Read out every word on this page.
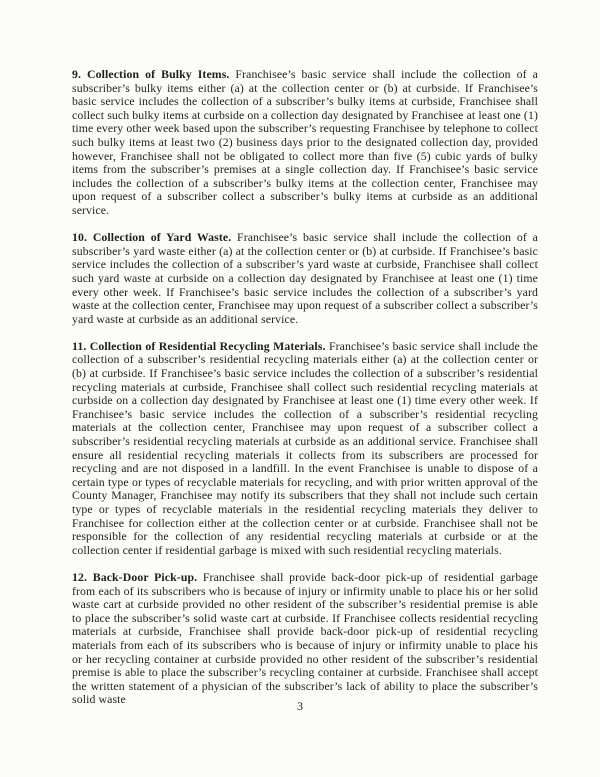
9. Collection of Bulky Items. Franchisee’s basic service shall include the collection of a subscriber’s bulky items either (a) at the collection center or (b) at curbside. If Franchisee’s basic service includes the collection of a subscriber’s bulky items at curbside, Franchisee shall collect such bulky items at curbside on a collection day designated by Franchisee at least one (1) time every other week based upon the subscriber’s requesting Franchisee by telephone to collect such bulky items at least two (2) business days prior to the designated collection day, provided however, Franchisee shall not be obligated to collect more than five (5) cubic yards of bulky items from the subscriber’s premises at a single collection day. If Franchisee’s basic service includes the collection of a subscriber’s bulky items at the collection center, Franchisee may upon request of a subscriber collect a subscriber’s bulky items at curbside as an additional service.

10. Collection of Yard Waste. Franchisee’s basic service shall include the collection of a subscriber’s yard waste either (a) at the collection center or (b) at curbside. If Franchisee’s basic service includes the collection of a subscriber’s yard waste at curbside, Franchisee shall collect such yard waste at curbside on a collection day designated by Franchisee at least one (1) time every other week. If Franchisee’s basic service includes the collection of a subscriber’s yard waste at the collection center, Franchisee may upon request of a subscriber collect a subscriber’s yard waste at curbside as an additional service.

11. Collection of Residential Recycling Materials. Franchisee’s basic service shall include the collection of a subscriber’s residential recycling materials either (a) at the collection center or (b) at curbside. If Franchisee’s basic service includes the collection of a subscriber’s residential recycling materials at curbside, Franchisee shall collect such residential recycling materials at curbside on a collection day designated by Franchisee at least one (1) time every other week. If Franchisee’s basic service includes the collection of a subscriber’s residential recycling materials at the collection center, Franchisee may upon request of a subscriber collect a subscriber’s residential recycling materials at curbside as an additional service. Franchisee shall ensure all residential recycling materials it collects from its subscribers are processed for recycling and are not disposed in a landfill. In the event Franchisee is unable to dispose of a certain type or types of recyclable materials for recycling, and with prior written approval of the County Manager, Franchisee may notify its subscribers that they shall not include such certain type or types of recyclable materials in the residential recycling materials they deliver to Franchisee for collection either at the collection center or at curbside. Franchisee shall not be responsible for the collection of any residential recycling materials at curbside or at the collection center if residential garbage is mixed with such residential recycling materials.

12. Back-Door Pick-up. Franchisee shall provide back-door pick-up of residential garbage from each of its subscribers who is because of injury or infirmity unable to place his or her solid waste cart at curbside provided no other resident of the subscriber’s residential premise is able to place the subscriber’s solid waste cart at curbside. If Franchisee collects residential recycling materials at curbside, Franchisee shall provide back-door pick-up of residential recycling materials from each of its subscribers who is because of injury or infirmity unable to place his or her recycling container at curbside provided no other resident of the subscriber’s residential premise is able to place the subscriber’s recycling container at curbside. Franchisee shall accept the written statement of a physician of the subscriber’s lack of ability to place the subscriber’s solid waste	3
